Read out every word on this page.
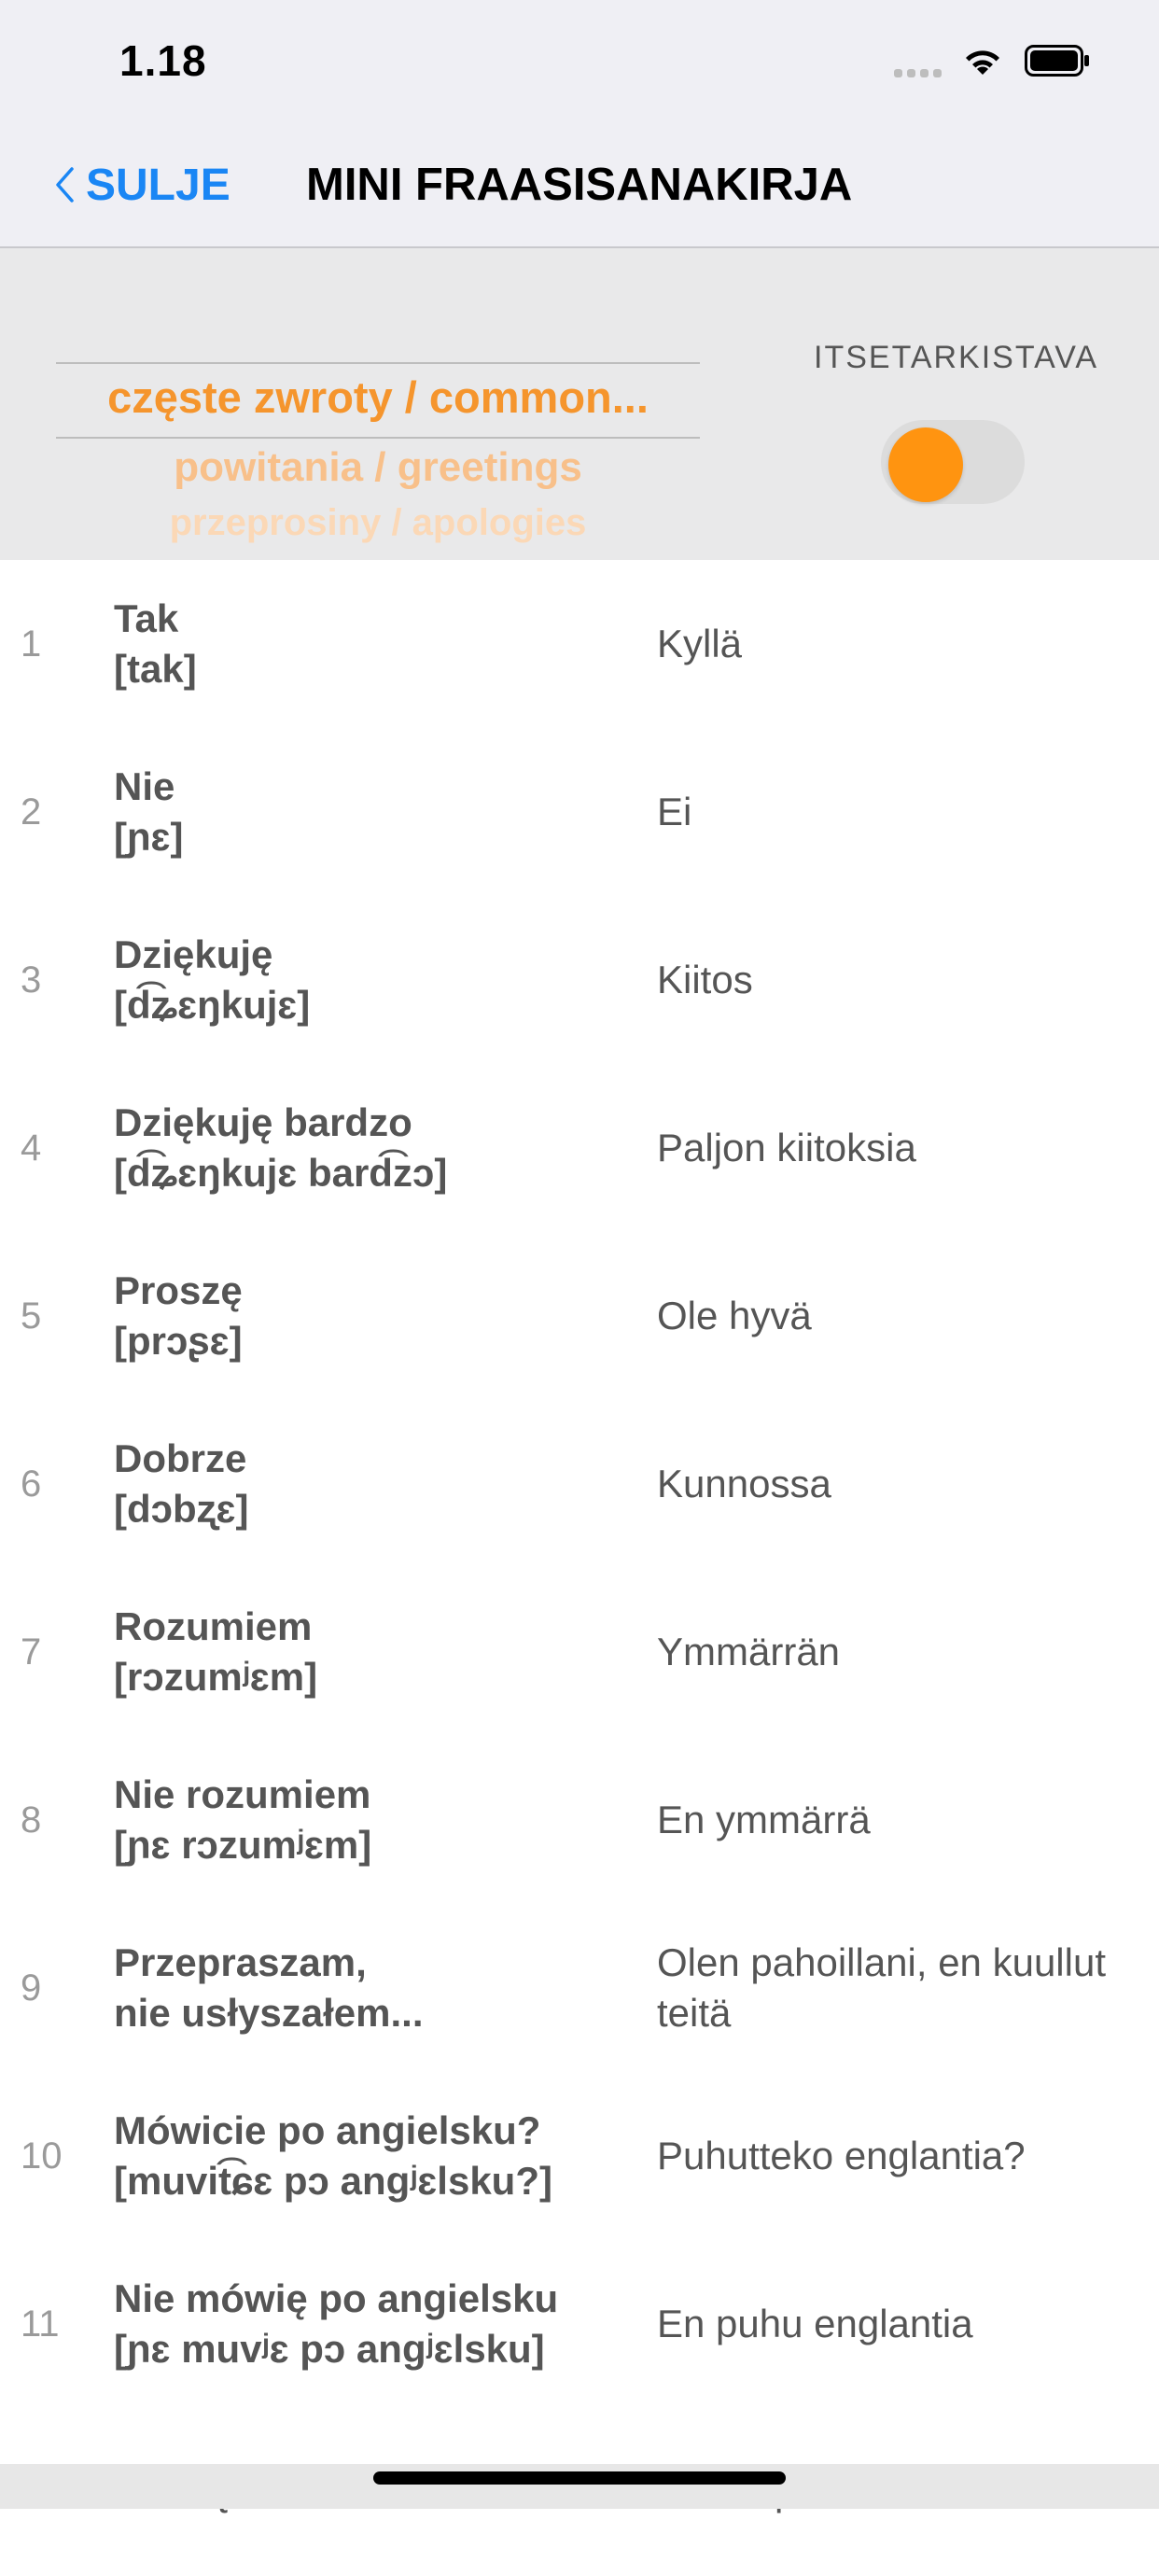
1.18
SULJE MINI FRAASISANAKIRJA
częste zwroty / common...
powitania / greetings
przeprosiny / apologies
ITSETARKISTAVA
1
Tak
[tak]
Kyllä
2
Nie
[ɲɛ]
Ei
3
Dziękuję
[d͡ʑɛŋkujɛ]
Kiitos
4
Dziękuję bardzo
[d͡ʑɛŋkujɛ bard͡zɔ]
Paljon kiitoksia
5
Proszę
[prɔʂɛ]
Ole hyvä
6
Dobrze
[dɔbʐɛ]
Kunnossa
7
Rozumiem
[rɔzumʲɛm]
Ymmärrän
8
Nie rozumiem
[ɲɛ rɔzumʲɛm]
En ymmärrä
9
Przepraszam,
nie usłyszałem...
Olen pahoillani, en kuullut teitä
10
Mówicie po angielsku?
[muvit͡ɕɛ pɔ angʲɛlsku?]
Puhutteko englantia?
11
Nie mówię po angielsku
[ɲɛ muvʲɛ pɔ angʲɛlsku]
En puhu englantia
